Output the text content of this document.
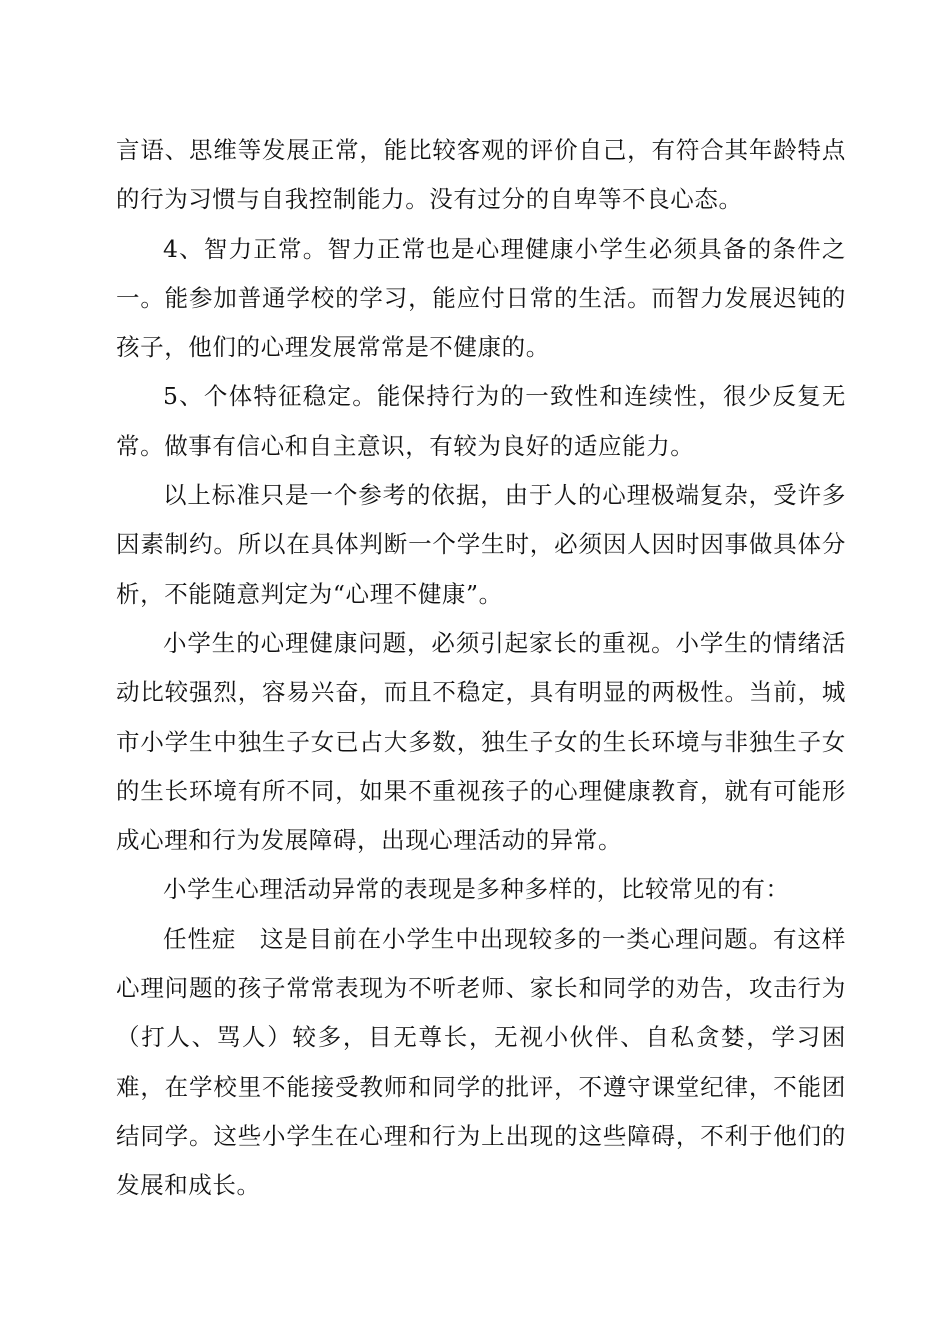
言语、思维等发展正常，能比较客观的评价自己，有符合其年龄特点的行为习惯与自我控制能力。没有过分的自卑等不良心态。

4、智力正常。智力正常也是心理健康小学生必须具备的条件之一。能参加普通学校的学习，能应付日常的生活。而智力发展迟钝的孩子，他们的心理发展常常是不健康的。

5、个体特征稳定。能保持行为的一致性和连续性，很少反复无常。做事有信心和自主意识，有较为良好的适应能力。

以上标准只是一个参考的依据，由于人的心理极端复杂，受许多因素制约。所以在具体判断一个学生时，必须因人因时因事做具体分析，不能随意判定为“心理不健康”。

小学生的心理健康问题，必须引起家长的重视。小学生的情绪活动比较强烈，容易兴奋，而且不稳定，具有明显的两极性。当前，城市小学生中独生子女已占大多数，独生子女的生长环境与非独生子女的生长环境有所不同，如果不重视孩子的心理健康教育，就有可能形成心理和行为发展障碍，出现心理活动的异常。

小学生心理活动异常的表现是多种多样的，比较常见的有：

任性症 这是目前在小学生中出现较多的一类心理问题。有这样心理问题的孩子常常表现为不听老师、家长和同学的劝告，攻击行为（打人、骂人）较多，目无尊长，无视小伙伴、自私贪婪，学习困难，在学校里不能接受教师和同学的批评，不遵守课堂纪律，不能团结同学。这些小学生在心理和行为上出现的这些障碍，不利于他们的发展和成长。
